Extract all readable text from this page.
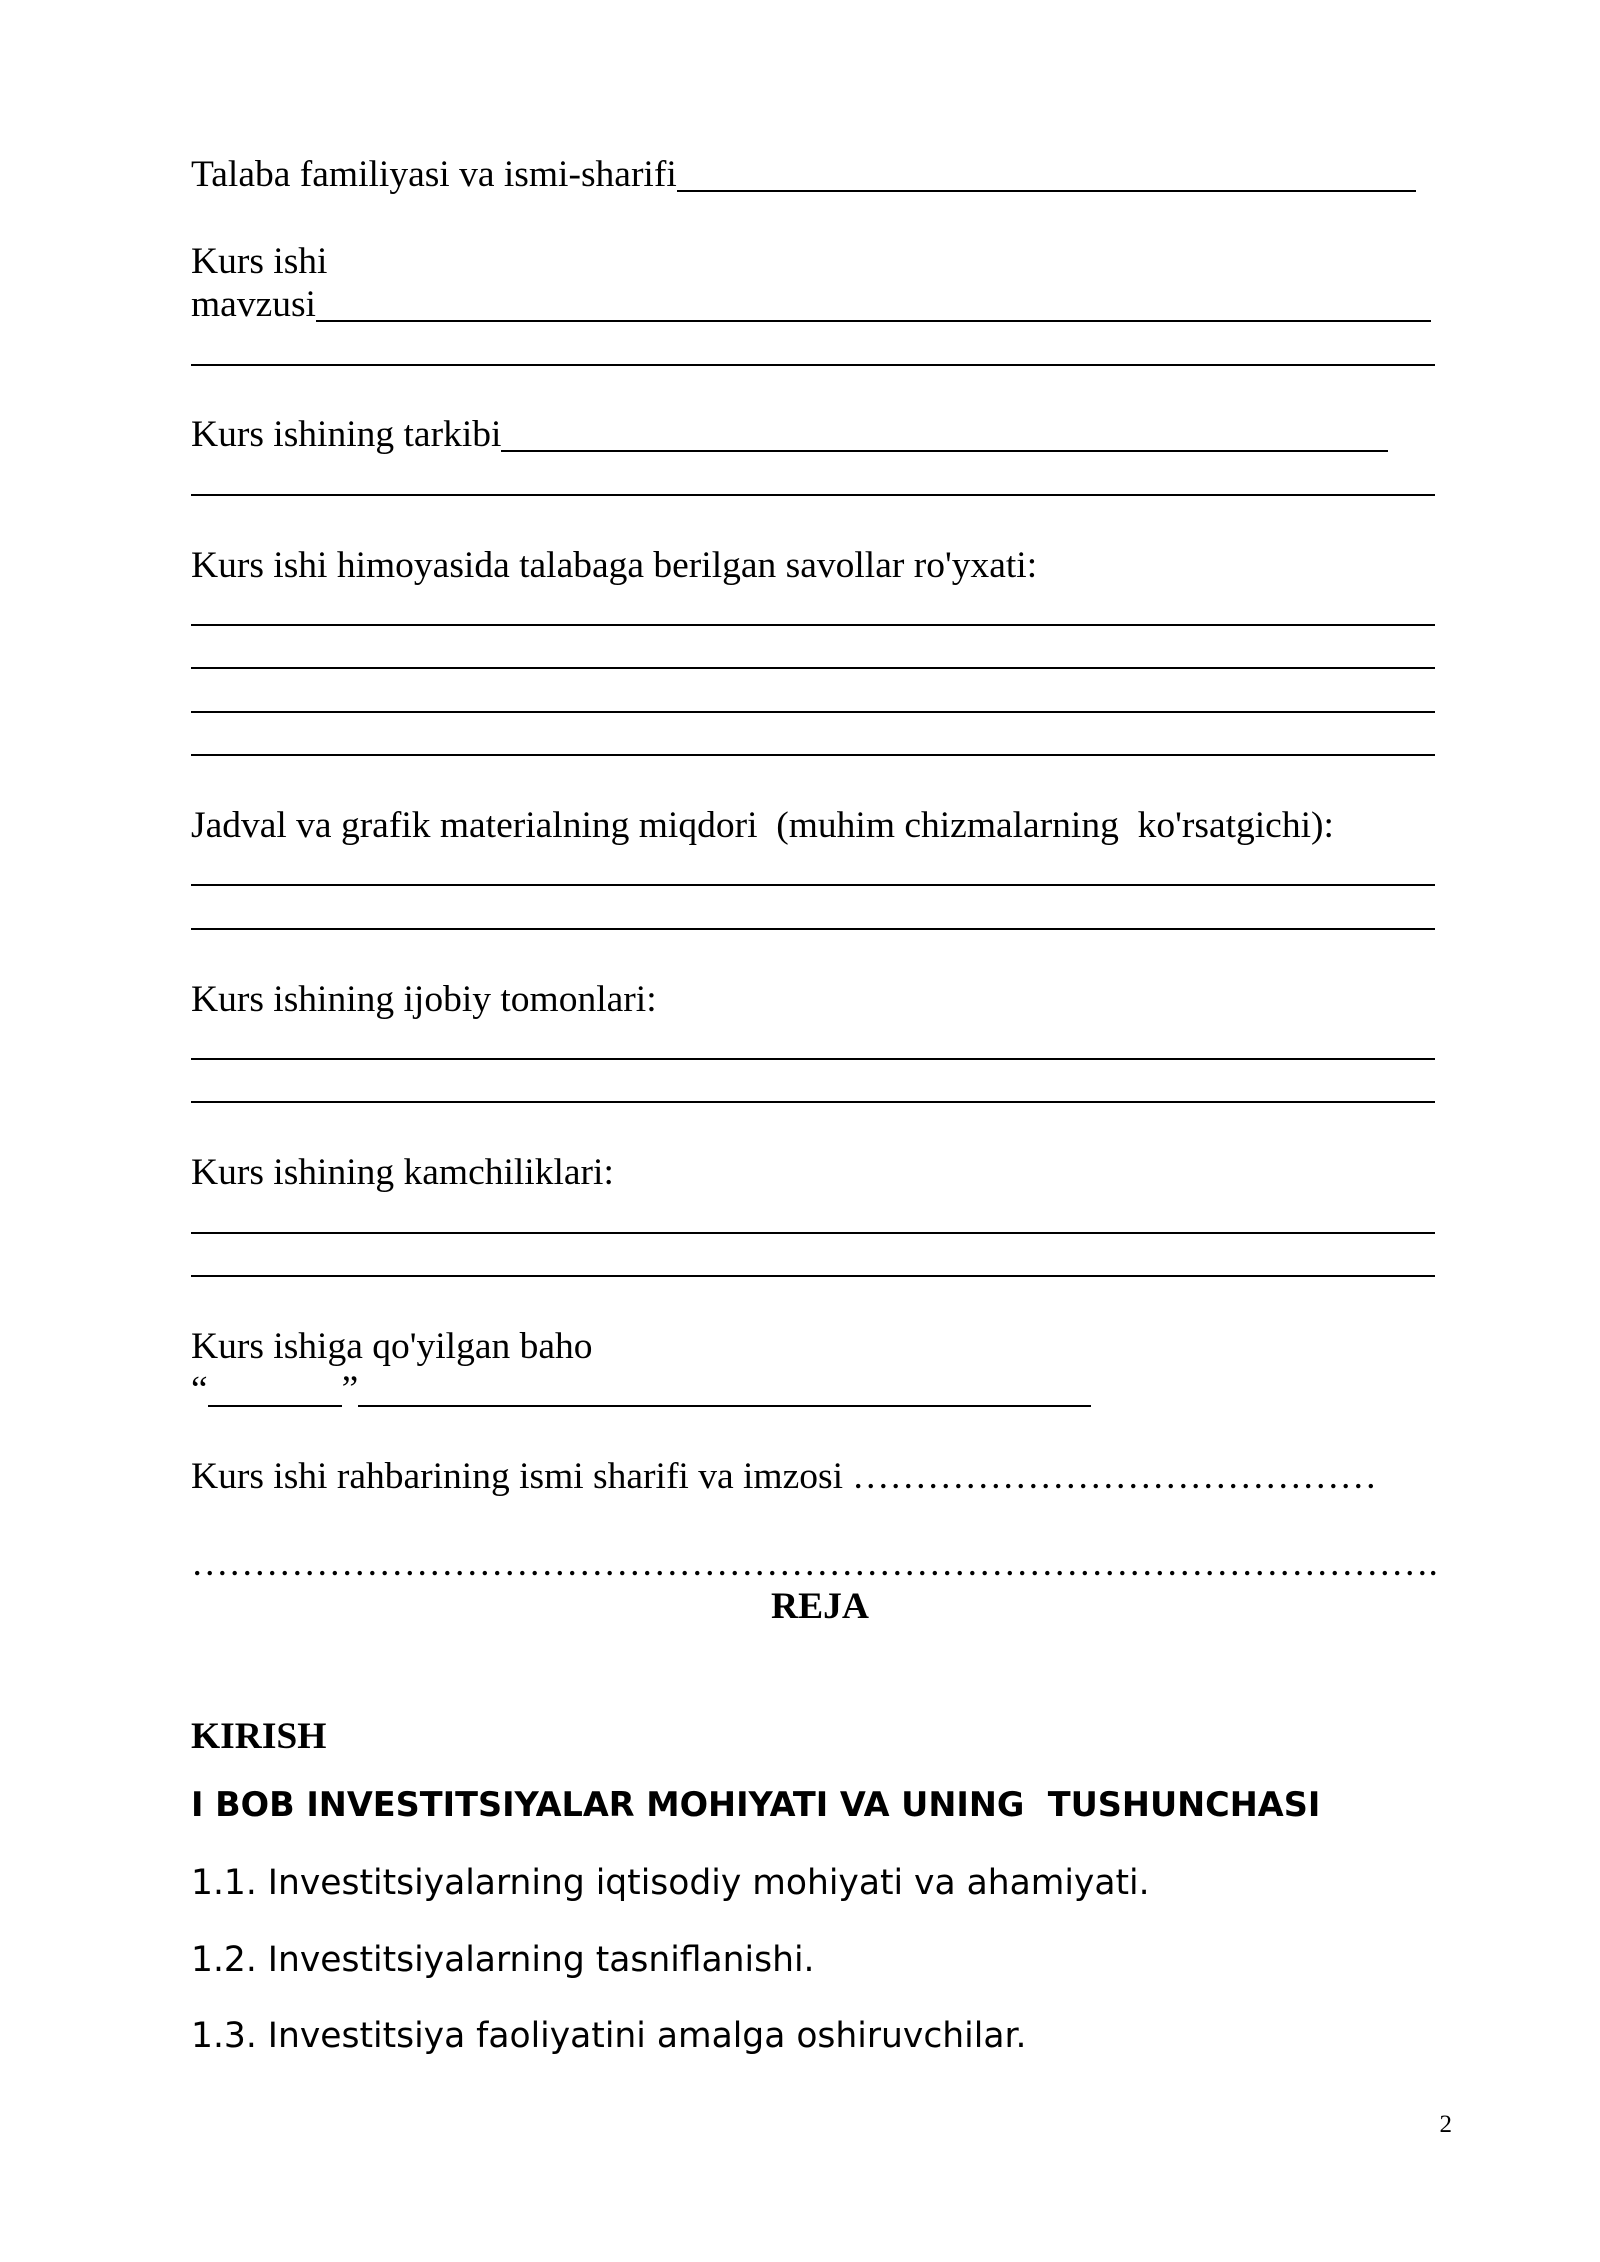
Talaba familiyasi va ismi-sharifi
Kurs ishi
mavzusi
Kurs ishining tarkibi
Kurs ishi himoyasida talabaga berilgan savollar ro'yxati:
Jadval va grafik materialning miqdori  (muhim chizmalarning  ko'rsatgichi):
Kurs ishining ijobiy tomonlari:
Kurs ishining kamchiliklari:
Kurs ishiga qo'yilgan baho
“	”
Kurs ishi rahbarining ismi sharifi va imzosi ……………………………………
……………………………………………………………………………………….
REJA
KIRISH
I BOB INVESTITSIYALAR MOHIYATI VA UNING  TUSHUNCHASI
1.1. Investitsiyalarning iqtisodiy mohiyati va ahamiyati.
1.2. Investitsiyalarning tasniflanishi.
1.3. Investitsiya faoliyatini amalga oshiruvchilar.
2
